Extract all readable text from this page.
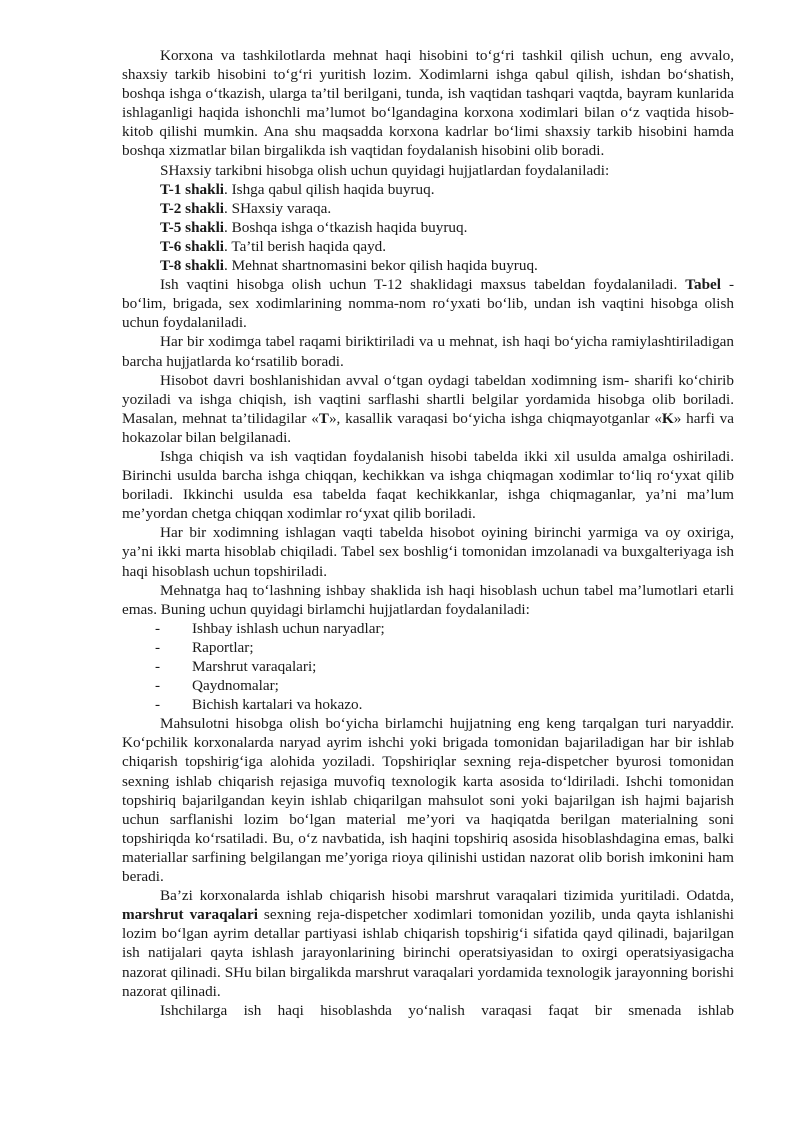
Korxona va tashkilotlarda mehnat haqi hisobini to‘g‘ri tashkil qilish uchun, eng avvalo, shaxsiy tarkib hisobini to‘g‘ri yuritish lozim. Xodimlarni ishga qabul qilish, ishdan bo‘shatish, boshqa ishga o‘tkazish, ularga ta’til berilgani, tunda, ish vaqtidan tashqari vaqtda, bayram kunlarida ishlaganligi haqida ishonchli ma’lumot bo‘lgandagina korxona xodimlari bilan o‘z vaqtida hisob-kitob qilishi mumkin. Ana shu maqsadda korxona kadrlar bo‘limi shaxsiy tarkib hisobini hamda boshqa xizmatlar bilan birgalikda ish vaqtidan foydalanish hisobini olib boradi.

SHaxsiy tarkibni hisobga olish uchun quyidagi hujjatlardan foydalaniladi:

T-1 shakli. Ishga qabul qilish haqida buyruq.

T-2 shakli. SHaxsiy varaqa.

T-5 shakli. Boshqa ishga o‘tkazish haqida buyruq.

T-6 shakli. Ta’til berish haqida qayd.

T-8 shakli. Mehnat shartnomasini bekor qilish haqida buyruq.

Ish vaqtini hisobga olish uchun T-12 shaklidagi maxsus tabeldan foydalaniladi. Tabel - bo‘lim, brigada, sex xodimlarining nomma-nom ro‘yxati bo‘lib, undan ish vaqtini hisobga olish uchun foydalaniladi.

Har bir xodimga tabel raqami biriktiriladi va u mehnat, ish haqi bo‘yicha ramiylashtiriladigan barcha hujjatlarda ko‘rsatilib boradi.

Hisobot davri boshlanishidan avval o‘tgan oydagi tabeldan xodimning ism- sharifi ko‘chirib yoziladi va ishga chiqish, ish vaqtini sarflashi shartli belgilar yordamida hisobga olib boriladi. Masalan, mehnat ta’tilidagilar «T», kasallik varaqasi bo‘yicha ishga chiqmayotganlar «K» harfi va hokazolar bilan belgilanadi.

Ishga chiqish va ish vaqtidan foydalanish hisobi tabelda ikki xil usulda amalga oshiriladi. Birinchi usulda barcha ishga chiqqan, kechikkan va ishga chiqmagan xodimlar to‘liq ro‘yxat qilib boriladi. Ikkinchi usulda esa tabelda faqat kechikkanlar, ishga chiqmaganlar, ya’ni ma’lum me’yordan chetga chiqqan xodimlar ro‘yxat qilib boriladi.

Har bir xodimning ishlagan vaqti tabelda hisobot oyining birinchi yarmiga va oy oxiriga, ya’ni ikki marta hisoblab chiqiladi. Tabel sex boshlig‘i tomonidan imzolanadi va buxgalteriyaga ish haqi hisoblash uchun topshiriladi.

Mehnatga haq to‘lashning ishbay shaklida ish haqi hisoblash uchun tabel ma’lumotlari etarli emas. Buning uchun quyidagi birlamchi hujjatlardan foydalaniladi:

- Ishbay ishlash uchun naryadlar;

- Raportlar;

- Marshrut varaqalari;

- Qaydnomalar;

- Bichish kartalari va hokazo.

Mahsulotni hisobga olish bo‘yicha birlamchi hujjatning eng keng tarqalgan turi naryaddir. Ko‘pchilik korxonalarda naryad ayrim ishchi yoki brigada tomonidan bajariladigan har bir ishlab chiqarish topshirig‘iga alohida yoziladi. Topshiriqlar sexning reja-dispetcher byurosi tomonidan sexning ishlab chiqarish rejasiga muvofiq texnologik karta asosida to‘ldiriladi. Ishchi tomonidan topshiriq bajarilgandan keyin ishlab chiqarilgan mahsulot soni yoki bajarilgan ish hajmi bajarish uchun sarflanishi lozim bo‘lgan material me’yori va haqiqatda berilgan materialning soni topshiriqda ko‘rsatiladi. Bu, o‘z navbatida, ish haqini topshiriq asosida hisoblashdagina emas, balki materiallar sarfining belgilangan me’yoriga rioya qilinishi ustidan nazorat olib borish imkonini ham beradi.

Ba’zi korxonalarda ishlab chiqarish hisobi marshrut varaqalari tizimida yuritiladi. Odatda, marshrut varaqalari sexning reja-dispetcher xodimlari tomonidan yozilib, unda qayta ishlanishi lozim bo‘lgan ayrim detallar partiyasi ishlab chiqarish topshirig‘i sifatida qayd qilinadi, bajarilgan ish natijalari qayta ishlash jarayonlarining birinchi operatsiyasidan to oxirgi operatsiyasigacha nazorat qilinadi. SHu bilan birgalikda marshrut varaqalari yordamida texnologik jarayonning borishi nazorat qilinadi.

Ishchilarga ish haqi hisoblashda yo‘nalish varaqasi faqat bir smenada ishlab
